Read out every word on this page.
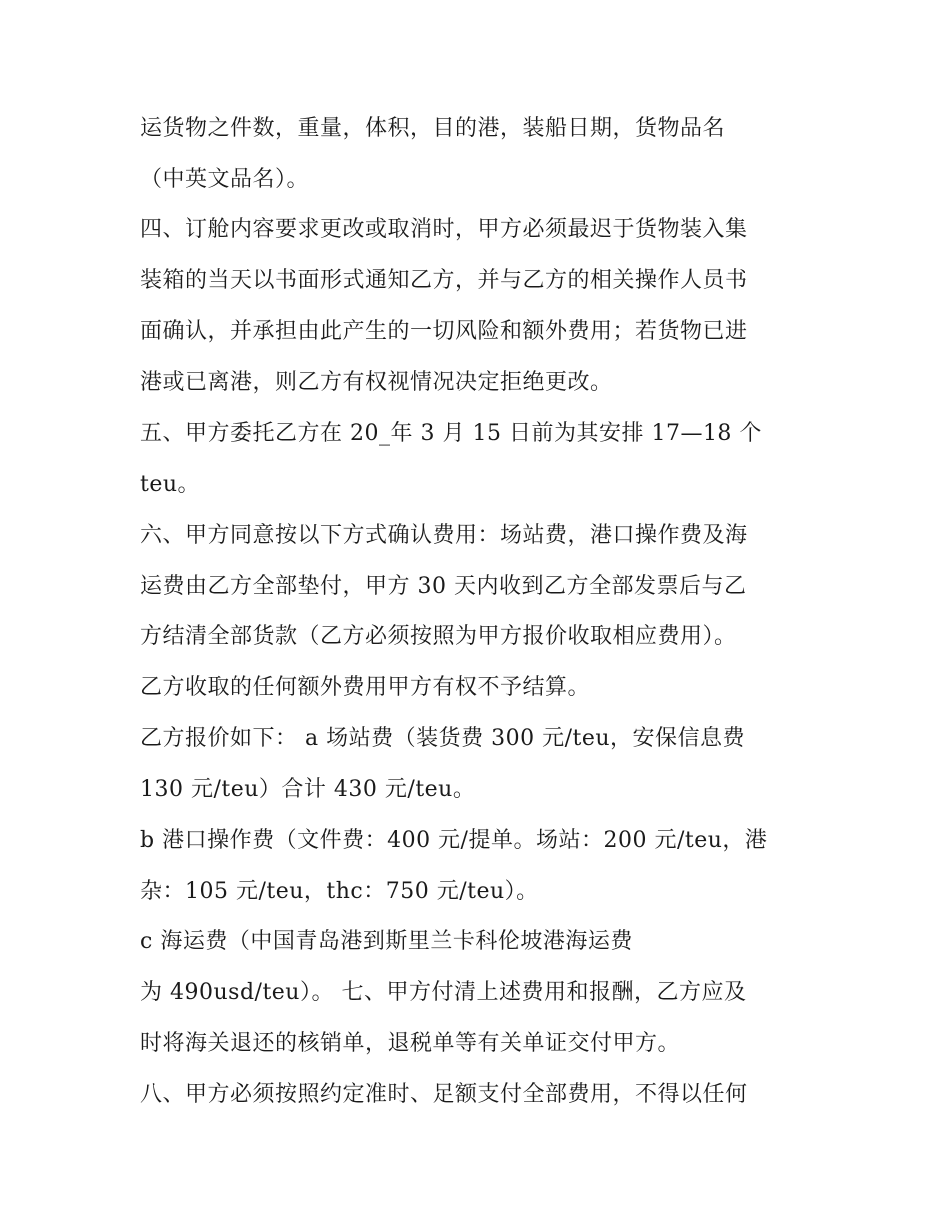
运货物之件数，重量，体积，目的港，装船日期，货物品名
（中英文品名）。
四、订舱内容要求更改或取消时，甲方必须最迟于货物装入集
装箱的当天以书面形式通知乙方，并与乙方的相关操作人员书
面确认，并承担由此产生的一切风险和额外费用；若货物已进
港或已离港，则乙方有权视情况决定拒绝更改。
五、甲方委托乙方在 20_年 3 月 15 日前为其安排 17—18 个
teu。
六、甲方同意按以下方式确认费用：场站费，港口操作费及海
运费由乙方全部垫付，甲方 30 天内收到乙方全部发票后与乙
方结清全部货款（乙方必须按照为甲方报价收取相应费用）。
乙方收取的任何额外费用甲方有权不予结算。
乙方报价如下： a 场站费（装货费 300 元/teu，安保信息费
130 元/teu）合计 430 元/teu。
b 港口操作费（文件费：400 元/提单。场站：200 元/teu，港
杂：105 元/teu，thc：750 元/teu）。
c 海运费（中国青岛港到斯里兰卡科伦坡港海运费
为 490usd/teu）。 七、甲方付清上述费用和报酬，乙方应及
时将海关退还的核销单，退税单等有关单证交付甲方。
八、甲方必须按照约定准时、足额支付全部费用，不得以任何
